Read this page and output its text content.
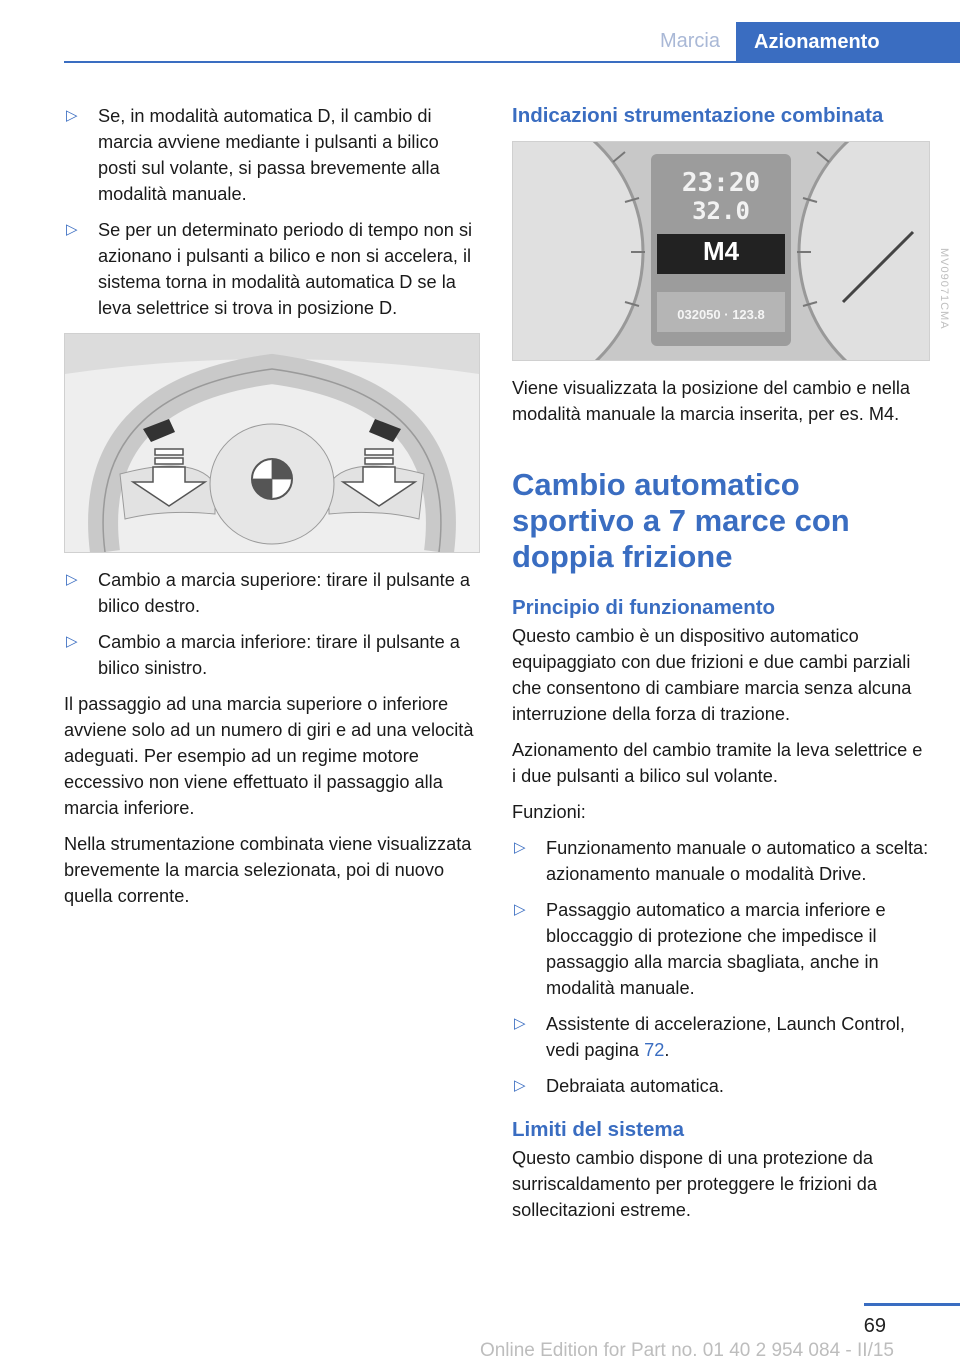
Marcia	Azionamento
▷ Se, in modalità automatica D, il cambio di marcia avviene mediante i pulsanti a bilico posti sul volante, si passa brevemente alla modalità manuale.
▷ Se per un determinato periodo di tempo non si azionano i pulsanti a bilico e non si accelera, il sistema torna in modalità automatica D se la leva selettrice si trova in posizione D.
▷ Cambio a marcia superiore: tirare il pulsante a bilico destro.
▷ Cambio a marcia inferiore: tirare il pulsante a bilico sinistro.

Il passaggio ad una marcia superiore o inferiore avviene solo ad un numero di giri e ad una velocità adeguati. Per esempio ad un regime motore eccessivo non viene effettuato il passaggio alla marcia inferiore.

Nella strumentazione combinata viene visualizzata brevemente la marcia selezionata, poi di nuovo quella corrente.

Indicazioni strumentazione combinata
23:20
32.0
M4
032050 · 123.8

Viene visualizzata la posizione del cambio e nella modalità manuale la marcia inserita, per es. M4.

Cambio automatico sportivo a 7 marce con doppia frizione
Principio di funzionamento

Questo cambio è un dispositivo automatico equipaggiato con due frizioni e due cambi parziali che consentono di cambiare marcia senza alcuna interruzione della forza di trazione.

Azionamento del cambio tramite la leva selettrice e i due pulsanti a bilico sul volante.

Funzioni:

▷ Funzionamento manuale o automatico a scelta: azionamento manuale o modalità Drive.
▷ Passaggio automatico a marcia inferiore e bloccaggio di protezione che impedisce il passaggio alla marcia sbagliata, anche in modalità manuale.
▷ Assistente di accelerazione, Launch Control, vedi pagina 72.
▷ Debraiata automatica.
Limiti del sistema

Questo cambio dispone di una protezione da surriscaldamento per proteggere le frizioni da sollecitazioni estreme.

MV09071CMA
69
Online Edition for Part no. 01 40 2 954 084 - II/15
